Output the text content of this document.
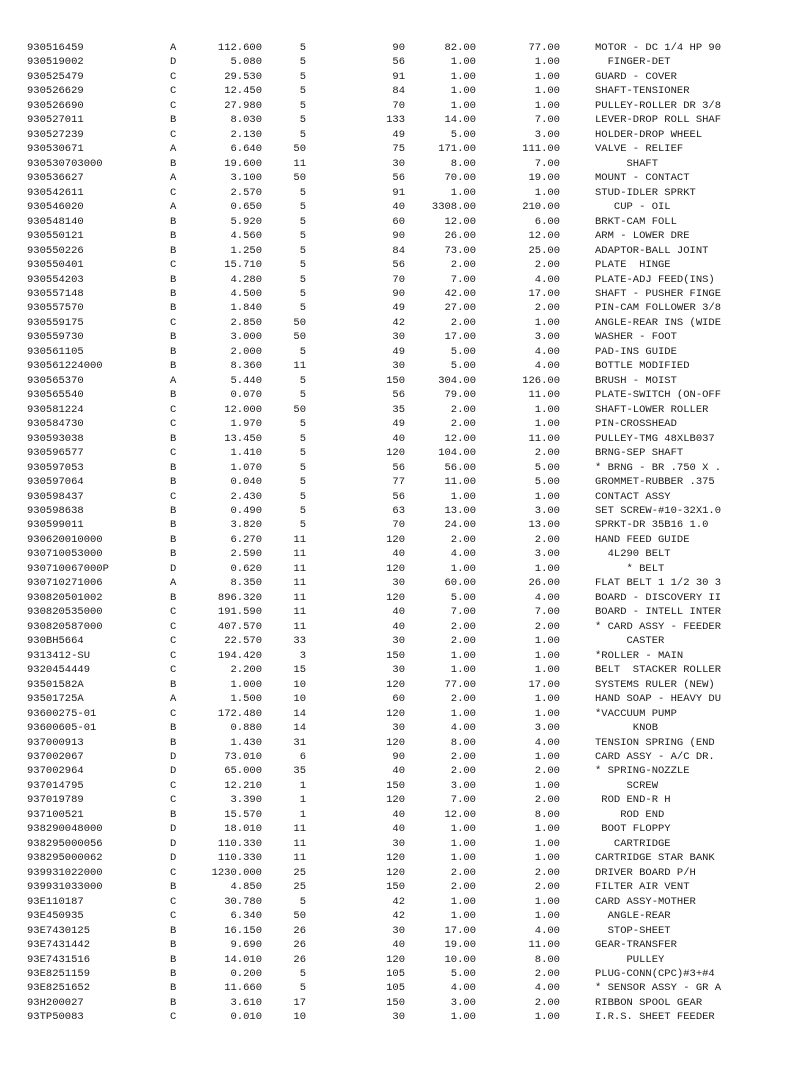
930516459	A	112.600	5	90	82.00	77.00	MOTOR - DC 1/4 HP 90
930519002	D	5.080	5	56	1.00	1.00	FINGER-DET
930525479	C	29.530	5	91	1.00	1.00	GUARD - COVER
930526629	C	12.450	5	84	1.00	1.00	SHAFT-TENSIONER
930526690	C	27.980	5	70	1.00	1.00	PULLEY-ROLLER DR 3/8
930527011	B	8.030	5	133	14.00	7.00	LEVER-DROP ROLL SHAF
930527239	C	2.130	5	49	5.00	3.00	HOLDER-DROP WHEEL
930530671	A	6.640	50	75	171.00	111.00	VALVE - RELIEF
930530703000	B	19.600	11	30	8.00	7.00	SHAFT
930536627	A	3.100	50	56	70.00	19.00	MOUNT - CONTACT
930542611	C	2.570	5	91	1.00	1.00	STUD-IDLER SPRKT
930546020	A	0.650	5	40	3308.00	210.00	CUP - OIL
930548140	B	5.920	5	60	12.00	6.00	BRKT-CAM FOLL
930550121	B	4.560	5	90	26.00	12.00	ARM - LOWER DRE
930550226	B	1.250	5	84	73.00	25.00	ADAPTOR-BALL JOINT
930550401	C	15.710	5	56	2.00	2.00	PLATE  HINGE
930554203	B	4.280	5	70	7.00	4.00	PLATE-ADJ FEED(INS)
930557148	B	4.500	5	90	42.00	17.00	SHAFT - PUSHER FINGE
930557570	B	1.840	5	49	27.00	2.00	PIN-CAM FOLLOWER 3/8
930559175	C	2.850	50	42	2.00	1.00	ANGLE-REAR INS (WIDE
930559730	B	3.000	50	30	17.00	3.00	WASHER - FOOT
930561105	B	2.000	5	49	5.00	4.00	PAD-INS GUIDE
930561224000	B	8.360	11	30	5.00	4.00	BOTTLE MODIFIED
930565370	A	5.440	5	150	304.00	126.00	BRUSH - MOIST
930565540	B	0.070	5	56	79.00	11.00	PLATE-SWITCH (ON-OFF
930581224	C	12.000	50	35	2.00	1.00	SHAFT-LOWER ROLLER
930584730	C	1.970	5	49	2.00	1.00	PIN-CROSSHEAD
930593038	B	13.450	5	40	12.00	11.00	PULLEY-TMG 48XLB037
930596577	C	1.410	5	120	104.00	2.00	BRNG-SEP SHAFT
930597053	B	1.070	5	56	56.00	5.00	* BRNG - BR .750 X .
930597064	B	0.040	5	77	11.00	5.00	GROMMET-RUBBER .375
930598437	C	2.430	5	56	1.00	1.00	CONTACT ASSY
930598638	B	0.490	5	63	13.00	3.00	SET SCREW-#10-32X1.0
930599011	B	3.820	5	70	24.00	13.00	SPRKT-DR 35B16 1.0
930620010000	B	6.270	11	120	2.00	2.00	HAND FEED GUIDE
930710053000	B	2.590	11	40	4.00	3.00	4L290 BELT
930710067000P	D	0.620	11	120	1.00	1.00	* BELT
930710271006	A	8.350	11	30	60.00	26.00	FLAT BELT 1 1/2 30 3
930820501002	B	896.320	11	120	5.00	4.00	BOARD - DISCOVERY II
930820535000	C	191.590	11	40	7.00	7.00	BOARD - INTELL INTER
930820587000	C	407.570	11	40	2.00	2.00	* CARD ASSY - FEEDER
930BH5664	C	22.570	33	30	2.00	1.00	CASTER
9313412-SU	C	194.420	3	150	1.00	1.00	*ROLLER - MAIN
9320454449	C	2.200	15	30	1.00	1.00	BELT  STACKER ROLLER
93501582A	B	1.000	10	120	77.00	17.00	SYSTEMS RULER (NEW)
93501725A	A	1.500	10	60	2.00	1.00	HAND SOAP - HEAVY DU
93600275-01	C	172.480	14	120	1.00	1.00	*VACCUUM PUMP
93600605-01	B	0.880	14	30	4.00	3.00	KNOB
937000913	B	1.430	31	120	8.00	4.00	TENSION SPRING (END
937002067	D	73.010	6	90	2.00	1.00	CARD ASSY - A/C DR.
937002964	D	65.000	35	40	2.00	2.00	* SPRING-NOZZLE
937014795	C	12.210	1	150	3.00	1.00	SCREW
937019789	C	3.390	1	120	7.00	2.00	ROD END-R H
937100521	B	15.570	1	40	12.00	8.00	ROD END
938290048000	D	18.010	11	40	1.00	1.00	BOOT FLOPPY
938295000056	D	110.330	11	30	1.00	1.00	CARTRIDGE
938295000062	D	110.330	11	120	1.00	1.00	CARTRIDGE STAR BANK
939931022000	C	1230.000	25	120	2.00	2.00	DRIVER BOARD P/H
939931033000	B	4.850	25	150	2.00	2.00	FILTER AIR VENT
93E110187	C	30.780	5	42	1.00	1.00	CARD ASSY-MOTHER
93E450935	C	6.340	50	42	1.00	1.00	ANGLE-REAR
93E7430125	B	16.150	26	30	17.00	4.00	STOP-SHEET
93E7431442	B	9.690	26	40	19.00	11.00	GEAR-TRANSFER
93E7431516	B	14.010	26	120	10.00	8.00	PULLEY
93E8251159	B	0.200	5	105	5.00	2.00	PLUG-CONN(CPC)#3+#4
93E8251652	B	11.660	5	105	4.00	4.00	* SENSOR ASSY - GR A
93H200027	B	3.610	17	150	3.00	2.00	RIBBON SPOOL GEAR
93TP50083	C	0.010	10	30	1.00	1.00	I.R.S. SHEET FEEDER
